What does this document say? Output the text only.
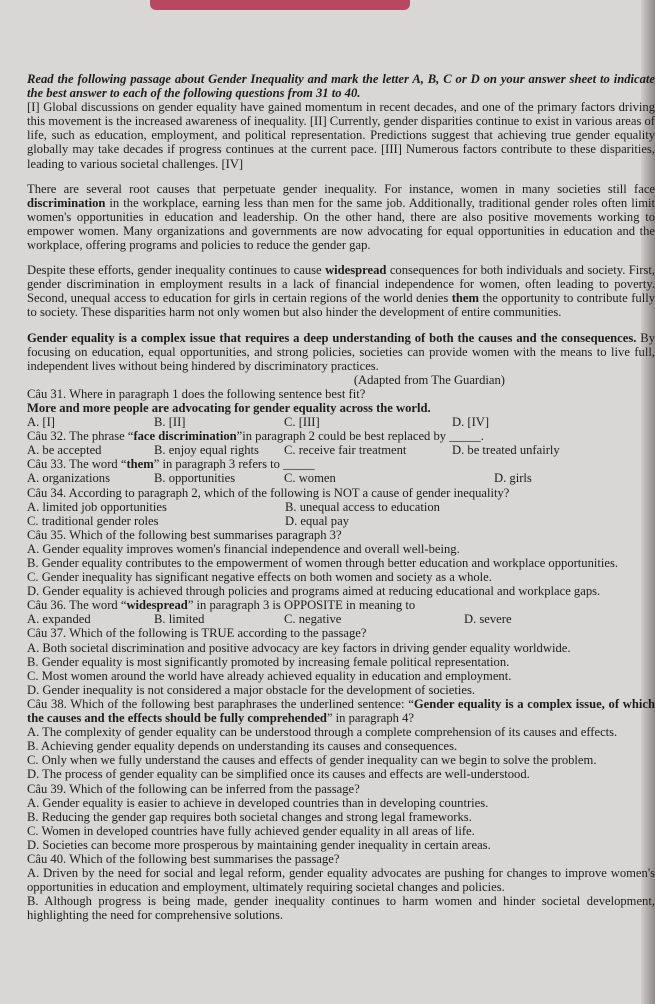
Read the following passage about Gender Inequality and mark the letter A, B, C or D on your answer sheet to indicate the best answer to each of the following questions from 31 to 40.

[I] Global discussions on gender equality have gained momentum in recent decades, and one of the primary factors driving this movement is the increased awareness of inequality. [II] Currently, gender disparities continue to exist in various areas of life, such as education, employment, and political representation. Predictions suggest that achieving true gender equality globally may take decades if progress continues at the current pace. [III] Numerous factors contribute to these disparities, leading to various societal challenges. [IV]

There are several root causes that perpetuate gender inequality. For instance, women in many societies still face discrimination in the workplace, earning less than men for the same job. Additionally, traditional gender roles often limit women's opportunities in education and leadership. On the other hand, there are also positive movements working to empower women. Many organizations and governments are now advocating for equal opportunities in education and the workplace, offering programs and policies to reduce the gender gap.

Despite these efforts, gender inequality continues to cause widespread consequences for both individuals and society. First, gender discrimination in employment results in a lack of financial independence for women, often leading to poverty. Second, unequal access to education for girls in certain regions of the world denies them the opportunity to contribute fully to society. These disparities harm not only women but also hinder the development of entire communities.

Gender equality is a complex issue that requires a deep understanding of both the causes and the consequences. By focusing on education, equal opportunities, and strong policies, societies can provide women with the means to live full, independent lives without being hindered by discriminatory practices.

(Adapted from The Guardian)

Câu 31. Where in paragraph 1 does the following sentence best fit?

More and more people are advocating for gender equality across the world.

A. [I]	B. [II]	C. [III]	D. [IV]

Câu 32. The phrase “face discrimination”in paragraph 2 could be best replaced by _____.

A. be accepted	B. enjoy equal rights	C. receive fair treatment	D. be treated unfairly

Câu 33. The word “them” in paragraph 3 refers to _____

A. organizations	B. opportunities	C. women	D. girls

Câu 34. According to paragraph 2, which of the following is NOT a cause of gender inequality?

A. limited job opportunities	B. unequal access to education
C. traditional gender roles	D. equal pay

Câu 35. Which of the following best summarises paragraph 3?

A. Gender equality improves women's financial independence and overall well-being.
B. Gender equality contributes to the empowerment of women through better education and workplace opportunities.
C. Gender inequality has significant negative effects on both women and society as a whole.
D. Gender equality is achieved through policies and programs aimed at reducing educational and workplace gaps.

Câu 36. The word “widespread” in paragraph 3 is OPPOSITE in meaning to

A. expanded	B. limited	C. negative	D. severe

Câu 37. Which of the following is TRUE according to the passage?

A. Both societal discrimination and positive advocacy are key factors in driving gender equality worldwide.
B. Gender equality is most significantly promoted by increasing female political representation.
C. Most women around the world have already achieved equality in education and employment.
D. Gender inequality is not considered a major obstacle for the development of societies.

Câu 38. Which of the following best paraphrases the underlined sentence: “Gender equality is a complex issue, of which the causes and the effects should be fully comprehended” in paragraph 4?

A. The complexity of gender equality can be understood through a complete comprehension of its causes and effects.
B. Achieving gender equality depends on understanding its causes and consequences.
C. Only when we fully understand the causes and effects of gender inequality can we begin to solve the problem.
D. The process of gender equality can be simplified once its causes and effects are well-understood.

Câu 39. Which of the following can be inferred from the passage?

A. Gender equality is easier to achieve in developed countries than in developing countries.
B. Reducing the gender gap requires both societal changes and strong legal frameworks.
C. Women in developed countries have fully achieved gender equality in all areas of life.
D. Societies can become more prosperous by maintaining gender inequality in certain areas.

Câu 40. Which of the following best summarises the passage?

A. Driven by the need for social and legal reform, gender equality advocates are pushing for changes to improve women's opportunities in education and employment, ultimately requiring societal changes and policies.

B. Although progress is being made, gender inequality continues to harm women and hinder societal development, highlighting the need for comprehensive solutions.
